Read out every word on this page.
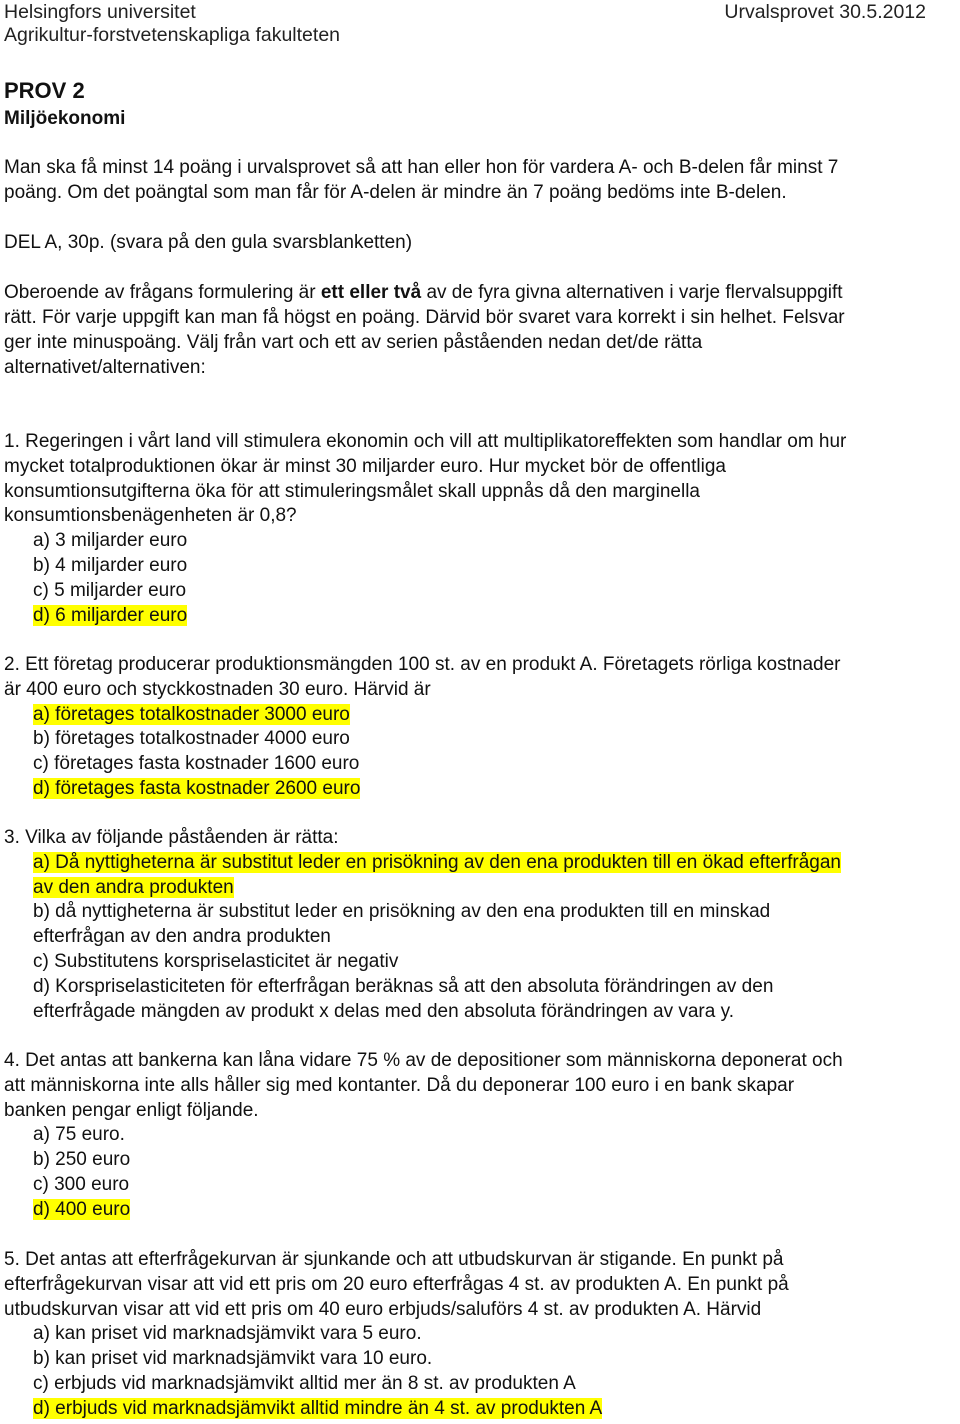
Helsingfors universitet	Urvalsprovet 30.5.2012
Agrikultur-forstvetenskapliga fakulteten
PROV 2
Miljöekonomi
Man ska få minst 14 poäng i urvalsprovet så att han eller hon för vardera A- och B-delen får minst 7
poäng. Om det poängtal som man får för A-delen är mindre än 7 poäng bedöms inte B-delen.
DEL A, 30p. (svara på den gula svarsblanketten)
Oberoende av frågans formulering är ett eller två av de fyra givna alternativen i varje flervalsuppgift
rätt. För varje uppgift kan man få högst en poäng. Därvid bör svaret vara korrekt i sin helhet. Felsvar
ger inte minuspoäng. Välj från vart och ett av serien påståenden nedan det/de rätta
alternativet/alternativen:
1. Regeringen i vårt land vill stimulera ekonomin och vill att multiplikatoreffekten som handlar om hur
mycket totalproduktionen ökar är minst 30 miljarder euro. Hur mycket bör de offentliga
konsumtionsutgifterna öka för att stimuleringsmålet skall uppnås då den marginella
konsumtionsbenägenheten är 0,8?
a) 3 miljarder euro
b) 4 miljarder euro
c) 5 miljarder euro
d) 6 miljarder euro
2. Ett företag producerar produktionsmängden 100 st. av en produkt A. Företagets rörliga kostnader
är 400 euro och styckkostnaden 30 euro. Härvid är
a) företages totalkostnader 3000 euro
b) företages totalkostnader 4000 euro
c) företages fasta kostnader 1600 euro
d) företages fasta kostnader 2600 euro
3. Vilka av följande påståenden är rätta:
a) Då nyttigheterna är substitut leder en prisökning av den ena produkten till en ökad efterfrågan
av den andra produkten
b) då nyttigheterna är substitut leder en prisökning av den ena produkten till en minskad
efterfrågan av den andra produkten
c) Substitutens korspriselasticitet är negativ
d) Korspriselasticiteten för efterfrågan beräknas så att den absoluta förändringen av den
efterfrågade mängden av produkt x delas med den absoluta förändringen av vara y.
4. Det antas att bankerna kan låna vidare 75 % av de depositioner som människorna deponerat och
att människorna inte alls håller sig med kontanter. Då du deponerar 100 euro i en bank skapar
banken pengar enligt följande.
a) 75 euro.
b) 250 euro
c) 300 euro
d) 400 euro
5. Det antas att efterfrågekurvan är sjunkande och att utbudskurvan är stigande. En punkt på
efterfrågekurvan visar att vid ett pris om 20 euro efterfrågas 4 st. av produkten A. En punkt på
utbudskurvan visar att vid ett pris om 40 euro erbjuds/saluförs 4 st. av produkten A. Härvid
a) kan priset vid marknadsjämvikt vara 5 euro.
b) kan priset vid marknadsjämvikt vara 10 euro.
c) erbjuds vid marknadsjämvikt alltid mer än 8 st. av produkten A
d) erbjuds vid marknadsjämvikt alltid mindre än 4 st. av produkten A
